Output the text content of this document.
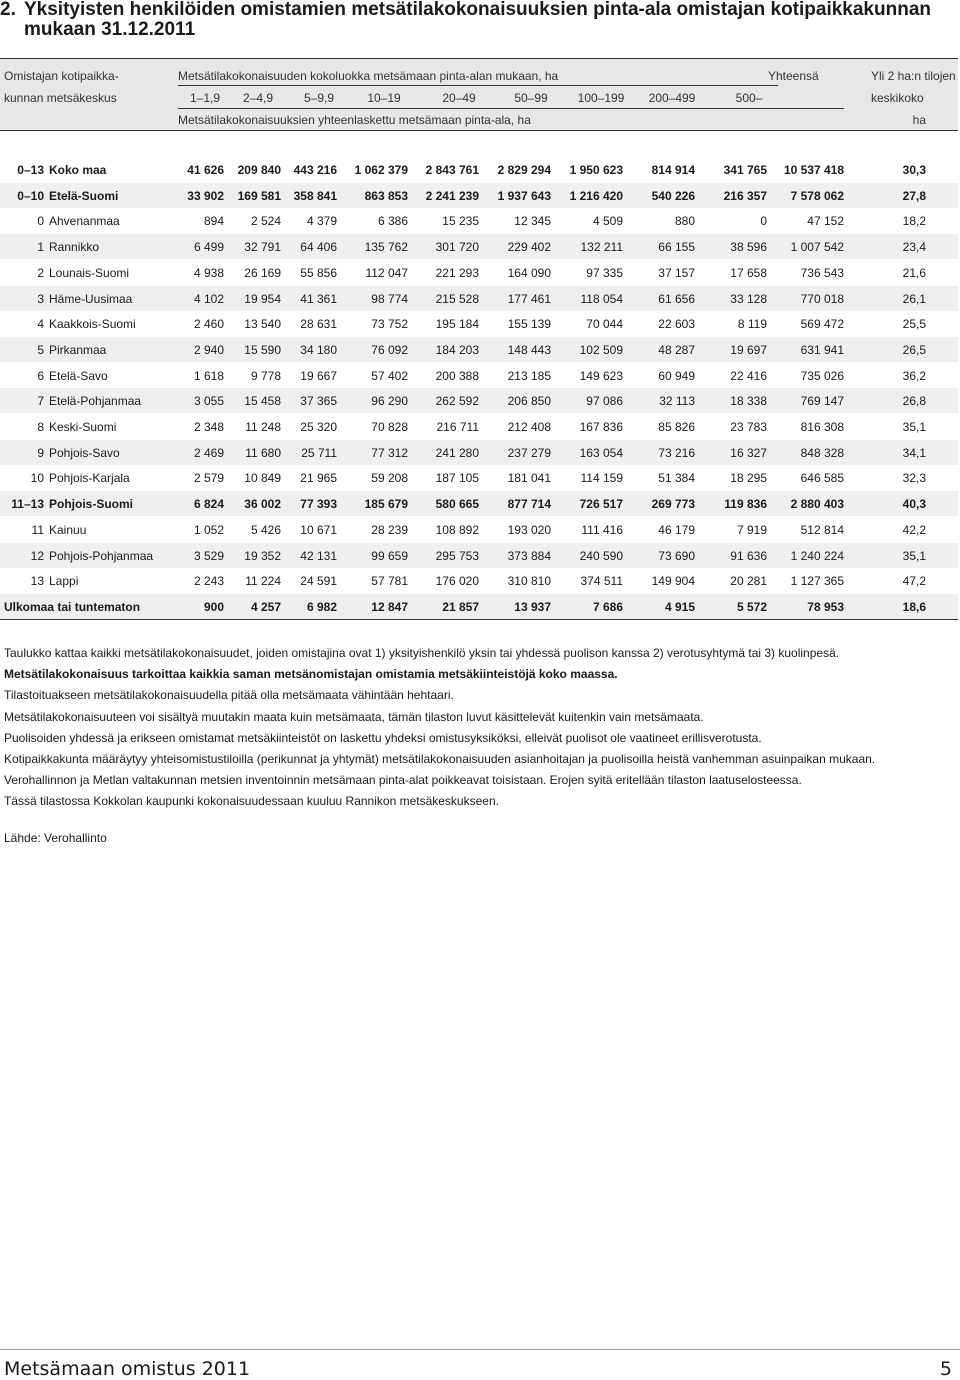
2. Yksityisten henkilöiden omistamien metsätilakokonaisuuksien pinta-ala omistajan kotipaikkakunnan
mukaan 31.12.2011
Omistajan kotipaikka-
kunnan metsäkeskus
Metsätilakokonaisuuden kokoluokka metsämaan pinta-alan mukaan, ha	Yhteensä	Yli 2 ha:n tilojen
keskikoko
Metsätilakokonaisuuksien yhteenlaskettu metsämaan pinta-ala, ha	ha
1–1,9	2–4,9	5–9,9	10–19	20–49	50–99	100–199	200–499	500–
0–13 Koko maa	41 626	209 840	443 216	1 062 379	2 843 761	2 829 294	1 950 623	814 914	341 765	10 537 418	30,3
0–10 Etelä-Suomi	33 902	169 581	358 841	863 853	2 241 239	1 937 643	1 216 420	540 226	216 357	7 578 062	27,8
0 Ahvenanmaa	894	2 524	4 379	6 386	15 235	12 345	4 509	880	0	47 152	18,2
1 Rannikko	6 499	32 791	64 406	135 762	301 720	229 402	132 211	66 155	38 596	1 007 542	23,4
2 Lounais-Suomi	4 938	26 169	55 856	112 047	221 293	164 090	97 335	37 157	17 658	736 543	21,6
3 Häme-Uusimaa	4 102	19 954	41 361	98 774	215 528	177 461	118 054	61 656	33 128	770 018	26,1
4 Kaakkois-Suomi	2 460	13 540	28 631	73 752	195 184	155 139	70 044	22 603	8 119	569 472	25,5
5 Pirkanmaa	2 940	15 590	34 180	76 092	184 203	148 443	102 509	48 287	19 697	631 941	26,5
6 Etelä-Savo	1 618	9 778	19 667	57 402	200 388	213 185	149 623	60 949	22 416	735 026	36,2
7 Etelä-Pohjanmaa	3 055	15 458	37 365	96 290	262 592	206 850	97 086	32 113	18 338	769 147	26,8
8 Keski-Suomi	2 348	11 248	25 320	70 828	216 711	212 408	167 836	85 826	23 783	816 308	35,1
9 Pohjois-Savo	2 469	11 680	25 711	77 312	241 280	237 279	163 054	73 216	16 327	848 328	34,1
10 Pohjois-Karjala	2 579	10 849	21 965	59 208	187 105	181 041	114 159	51 384	18 295	646 585	32,3
11–13 Pohjois-Suomi	6 824	36 002	77 393	185 679	580 665	877 714	726 517	269 773	119 836	2 880 403	40,3
11 Kainuu	1 052	5 426	10 671	28 239	108 892	193 020	111 416	46 179	7 919	512 814	42,2
12 Pohjois-Pohjanmaa	3 529	19 352	42 131	99 659	295 753	373 884	240 590	73 690	91 636	1 240 224	35,1
13 Lappi	2 243	11 224	24 591	57 781	176 020	310 810	374 511	149 904	20 281	1 127 365	47,2
Ulkomaa tai tuntematon	900	4 257	6 982	12 847	21 857	13 937	7 686	4 915	5 572	78 953	18,6

Taulukko kattaa kaikki metsätilakokonaisuudet, joiden omistajina ovat 1) yksityishenkilö yksin tai yhdessä puolison kanssa 2) verotusyhtymä tai 3) kuolinpesä.

Metsätilakokonaisuus tarkoittaa kaikkia saman metsänomistajan omistamia metsäkiinteistöjä koko maassa.

Tilastoituakseen metsätilakokonaisuudella pitää olla metsämaata vähintään hehtaari.

Metsätilakokonaisuuteen voi sisältyä muutakin maata kuin metsämaata, tämän tilaston luvut käsittelevät kuitenkin vain metsämaata.

Puolisoiden yhdessä ja erikseen omistamat metsäkiinteistöt on laskettu yhdeksi omistusyksiköksi, elleivät puolisot ole vaatineet erillisverotusta.

Kotipaikkakunta määräytyy yhteisomistustiloilla (perikunnat ja yhtymät) metsätilakokonaisuuden asianhoitajan ja puolisoilla heistä vanhemman asuinpaikan mukaan.

Verohallinnon ja Metlan valtakunnan metsien inventoinnin metsämaan pinta-alat poikkeavat toisistaan. Erojen syitä eritellään tilaston laatuselosteessa.

Tässä tilastossa Kokkolan kaupunki kokonaisuudessaan kuuluu Rannikon metsäkeskukseen.

Lähde: Verohallinto
Metsämaan omistus 2011	5
